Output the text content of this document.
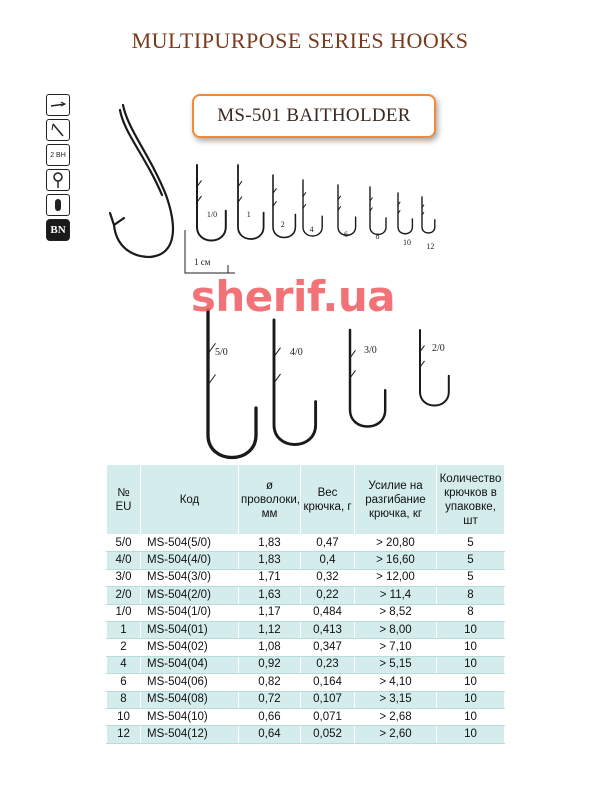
MULTIPURPOSE SERIES HOOKS
MS-501 BAITHOLDER
2 BH
BN
1 см
1/0	1
2
4
6	8
10 12
5/0	4/0	3/0	2/0
sherif.ua
№ EU	Код	ø проволоки, мм	Вес крючка, г	Усилие на разгибание крючка, кг	Количество крючков в упаковке, шт
5/0	MS-504(5/0)	1,83	0,47	> 20,80	5
4/0	MS-504(4/0)	1,83	0,4	> 16,60	5
3/0	MS-504(3/0)	1,71	0,32	> 12,00	5
2/0	MS-504(2/0)	1,63	0,22	> 11,4	8
1/0	MS-504(1/0)	1,17	0,484	> 8,52	8
1	MS-504(01)	1,12	0,413	> 8,00	10
2	MS-504(02)	1,08	0,347	> 7,10	10
4	MS-504(04)	0,92	0,23	> 5,15	10
6	MS-504(06)	0,82	0,164	> 4,10	10
8	MS-504(08)	0,72	0,107	> 3,15	10
10	MS-504(10)	0,66	0,071	> 2,68	10
12	MS-504(12)	0,64	0,052	> 2,60	10
